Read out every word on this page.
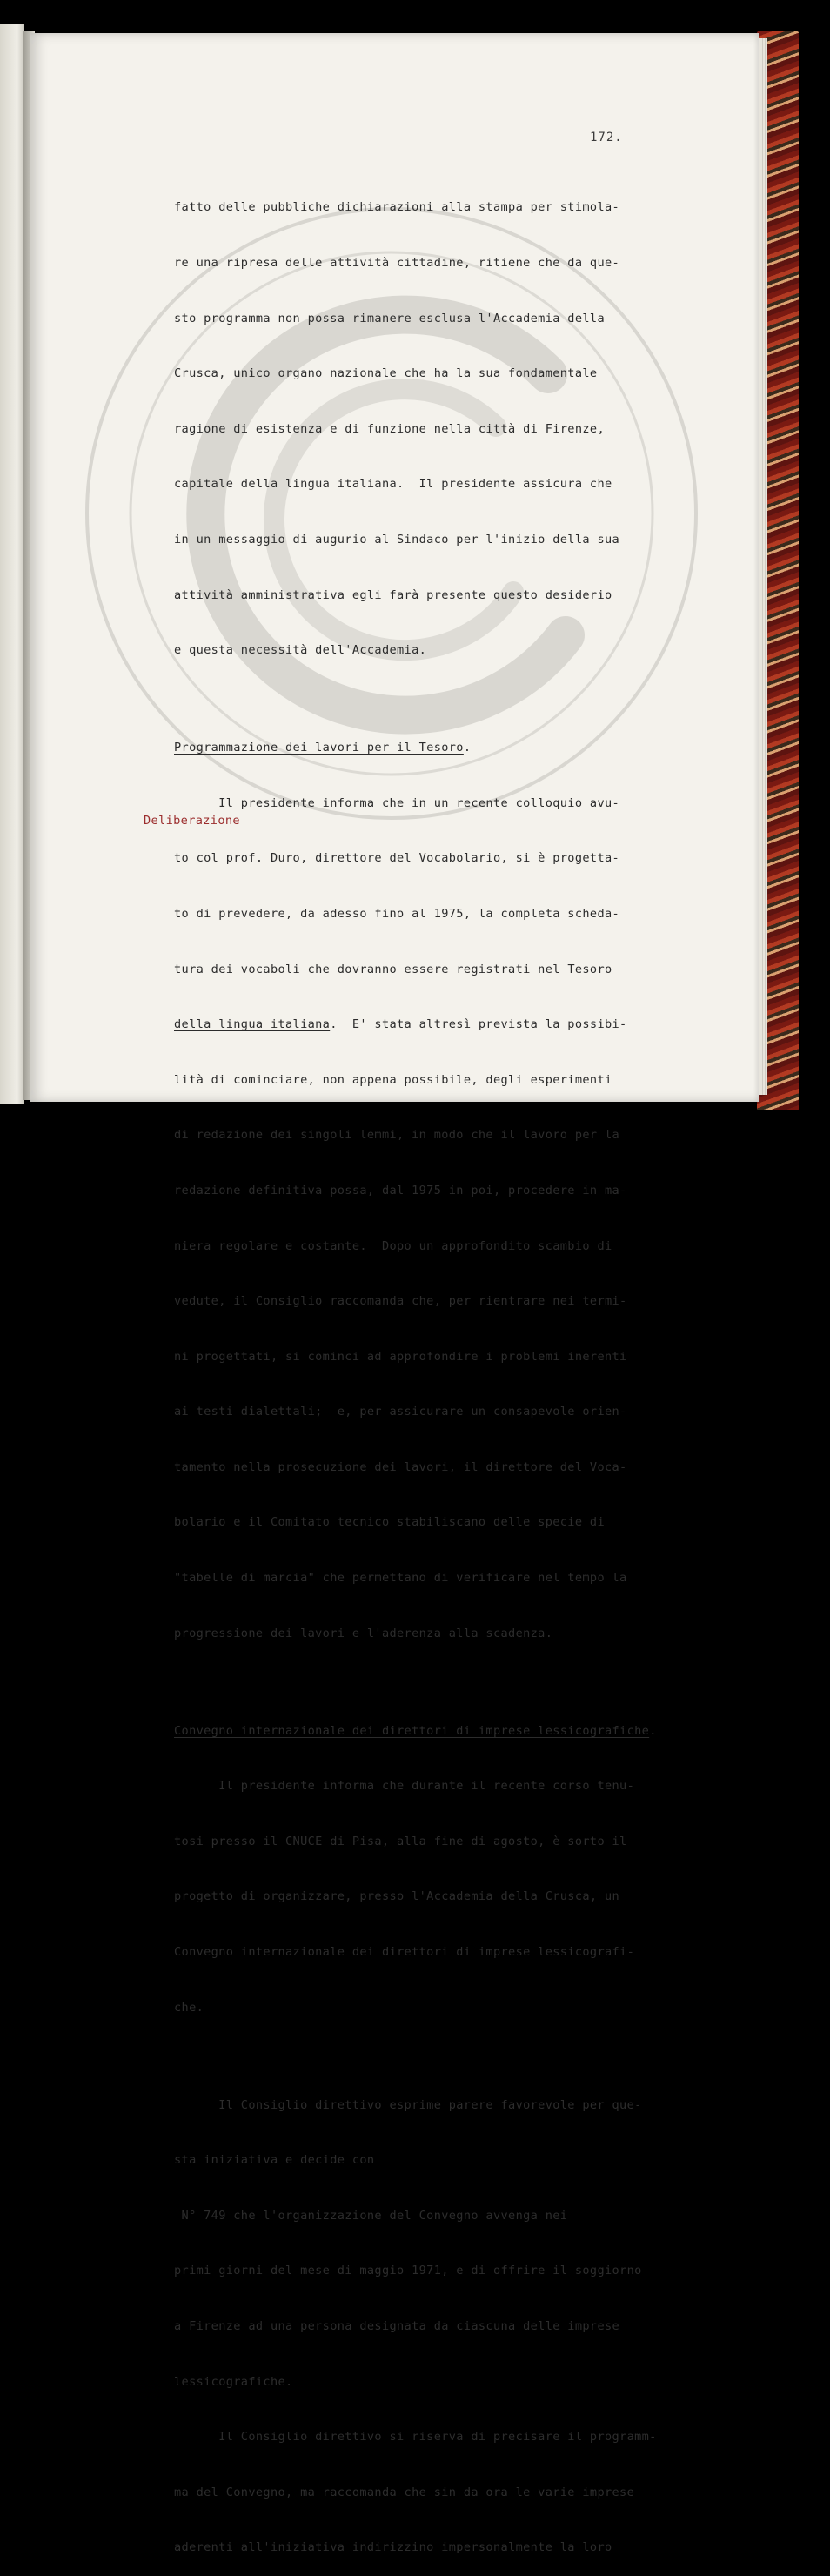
172.

fatto delle pubbliche dichiarazioni alla stampa per stimola-

re una ripresa delle attività cittadine, ritiene che da que-

sto programma non possa rimanere esclusa l'Accademia della

Crusca, unico organo nazionale che ha la sua fondamentale

ragione di esistenza e di funzione nella città di Firenze,

capitale della lingua italiana.  Il presidente assicura che

in un messaggio di augurio al Sindaco per l'inizio della sua

attività amministrativa egli farà presente questo desiderio

e questa necessità dell'Accademia.

Programmazione dei lavori per il Tesoro.

Il presidente informa che in un recente colloquio avu-

to col prof. Duro, direttore del Vocabolario, si è progetta-

to di prevedere, da adesso fino al 1975, la completa scheda-

tura dei vocaboli che dovranno essere registrati nel Tesoro

della lingua italiana.  E' stata altresì prevista la possibi-

lità di cominciare, non appena possibile, degli esperimenti

di redazione dei singoli lemmi, in modo che il lavoro per la

redazione definitiva possa, dal 1975 in poi, procedere in ma-

niera regolare e costante.  Dopo un approfondito scambio di

vedute, il Consiglio raccomanda che, per rientrare nei termi-

ni progettati, si cominci ad approfondire i problemi inerenti

ai testi dialettali;  e, per assicurare un consapevole orien-

tamento nella prosecuzione dei lavori, il direttore del Voca-

bolario e il Comitato tecnico stabiliscano delle specie di

"tabelle di marcia" che permettano di verificare nel tempo la

progressione dei lavori e l'aderenza alla scadenza.

Convegno internazionale dei direttori di imprese lessicografiche.

Il presidente informa che durante il recente corso tenu-

tosi presso il CNUCE di Pisa, alla fine di agosto, è sorto il

progetto di organizzare, presso l'Accademia della Crusca, un

Convegno internazionale dei direttori di imprese lessicografi-

che.

Il Consiglio direttivo esprime parere favorevole per que-

sta iniziativa e decide con

N° 749 che l'organizzazione del Convegno avvenga nei

primi giorni del mese di maggio 1971, e di offrire il soggiorno

a Firenze ad una persona designata da ciascuna delle imprese

lessicografiche.

Il Consiglio direttivo si riserva di precisare il programm-

ma del Convegno, ma raccomanda che sin da ora le varie imprese

aderenti all'iniziativa indirizzino impersonalmente la loro

Deliberazione
